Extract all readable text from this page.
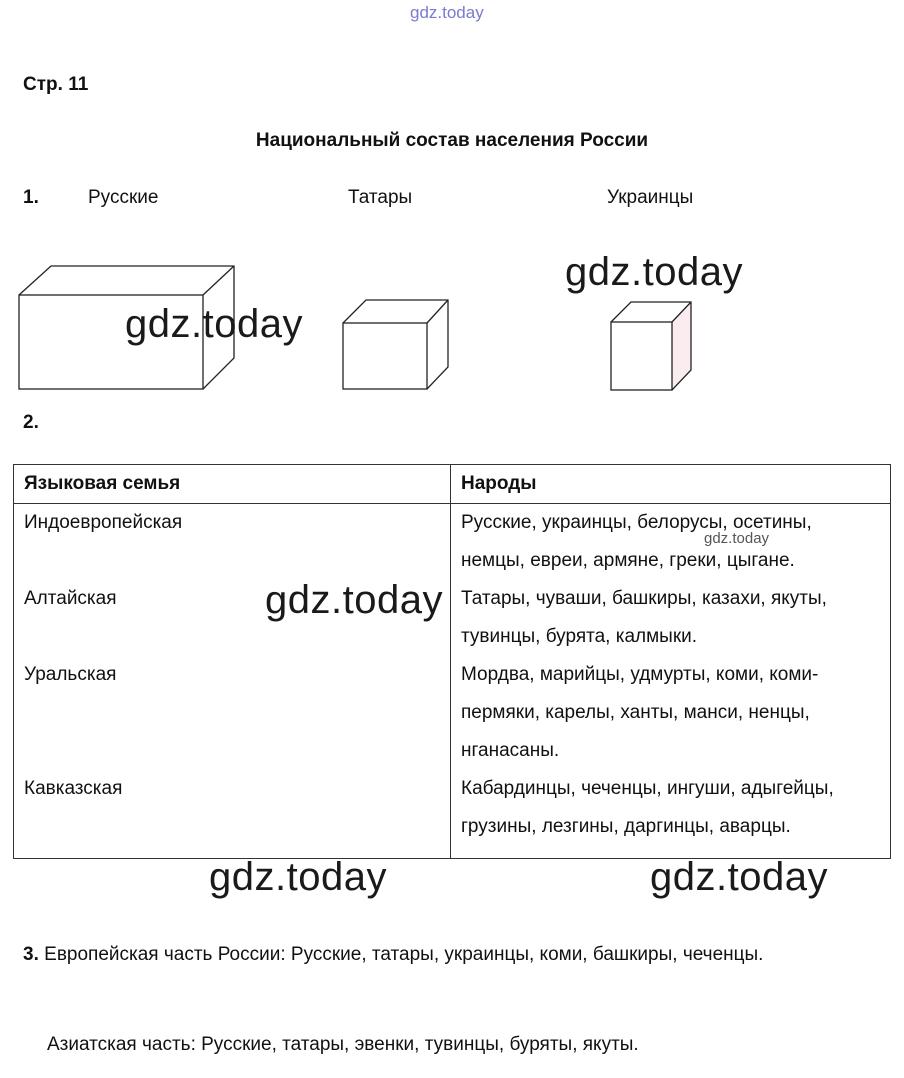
gdz.today
Стр. 11
Национальный состав населения России
1.	Русские	Татары	Украинцы
gdz.today
gdz.today
2.
Языковая семья	Народы
Индоевропейская	Русские, украинцы, белорусы, осетины, немцы, евреи, армяне, греки, цыгане.
Алтайская	Татары, чуваши, башкиры, казахи, якуты, тувинцы, бурята, калмыки.
Уральская	Мордва, марийцы, удмурты, коми, коми-пермяки, карелы, ханты, манси, ненцы, нганасаны.
Кавказская	Кабардинцы, чеченцы, ингуши, адыгейцы, грузины, лезгины, даргинцы, аварцы.
gdz.today
gdz.today
gdz.today	gdz.today
3. Европейская часть России: Русские, татары, украинцы, коми, башкиры, чеченцы.
Азиатская часть: Русские, татары, эвенки, тувинцы, буряты, якуты.
